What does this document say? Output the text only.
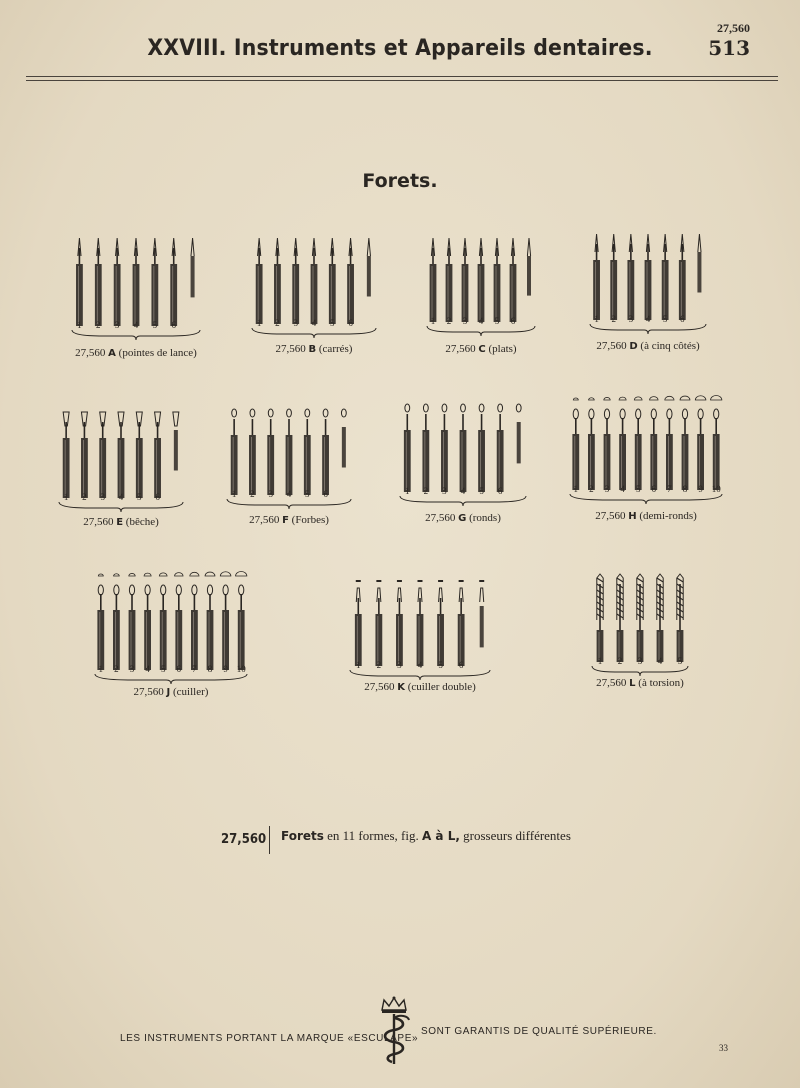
27,560
513
XXVIII. Instruments et Appareils dentaires.
Forets.
1 2 3 4 5 6
27,560 A (pointes de lance)
1 2 3 4 5 6
27,560 B (carrés)
1 2 3 4 5 6
27,560 C (plats)
1 2 3 4 5 6
27,560 D (à cinq côtés)
1 2 3 4 5 6
27,560 E (bêche)
1 2 3 4 5 6
27,560 F (Forbes)
1 2 3 4 5 6
27,560 G (ronds)
1 2 3 4 5 6 7 8 9 10
27,560 H (demi-ronds)
1 2 3 4 5 6 7 8 9 10
27,560 J (cuiller)
1 2 3 4 5 6
27,560 K (cuiller double)
1 2 3 4 5
27,560 L (à torsion)
27,560 Forets en 11 formes, fig. A à L, grosseurs différentes
LES INSTRUMENTS PORTANT LA MARQUE «ESCULAPE»
SONT GARANTIS DE QUALITÉ SUPÉRIEURE.
33
